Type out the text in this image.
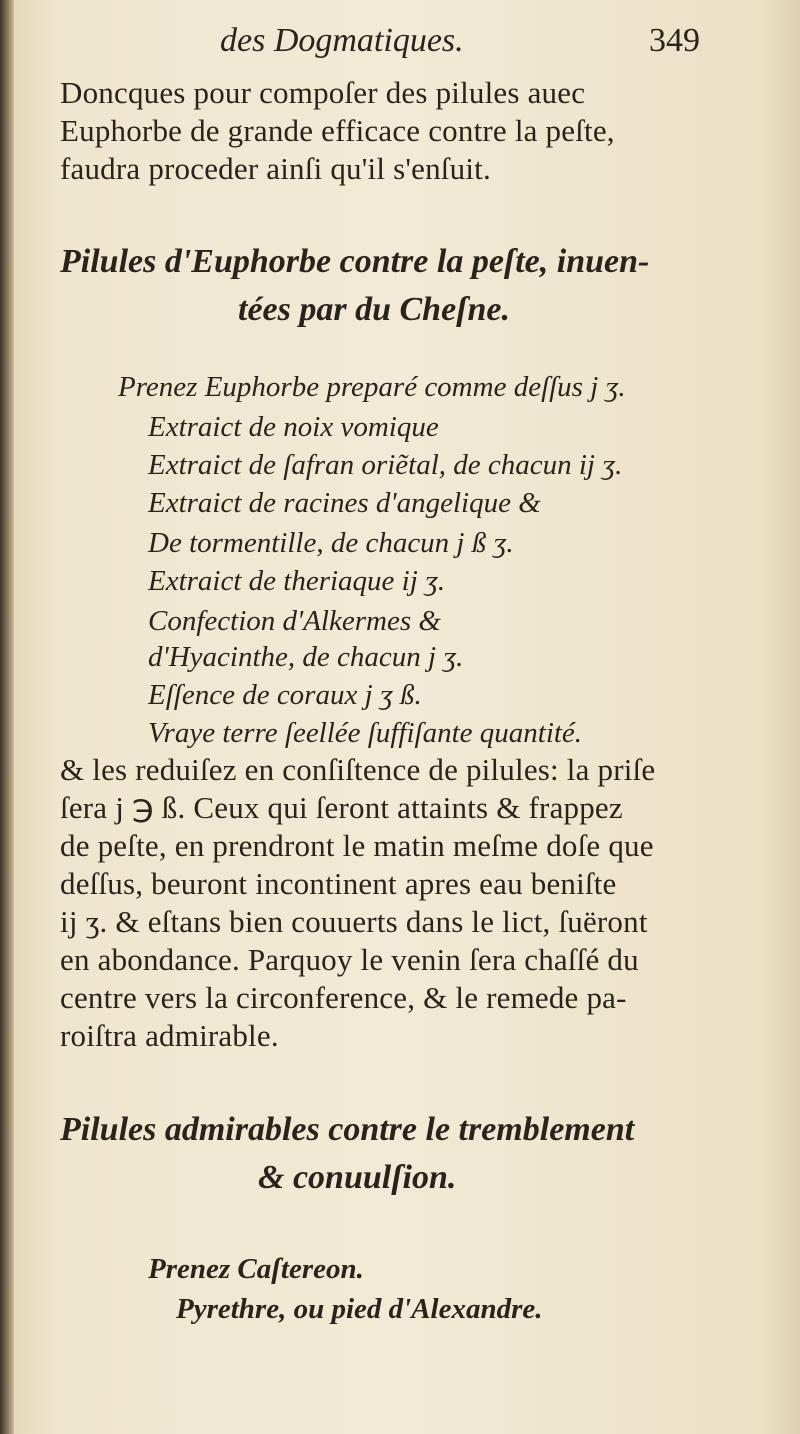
des Dogmatiques.	349
Doncques pour compoſer des pilules auec
Euphorbe de grande efficace contre la peſte,
faudra proceder ainſi qu'il s'enſuit.
Pilules d'Euphorbe contre la peſte, inuen-
tées par du Cheſne.
Prenez Euphorbe preparé comme deſſus j ʒ.
Extraict de noix vomique
Extraict de ſafran oriẽtal, de chacun ij ʒ.
Extraict de racines d'angelique &
De tormentille, de chacun j ß ʒ.
Extraict de theriaque ij ʒ.
Confection d'Alkermes &
d'Hyacinthe, de chacun j ʒ.
Eſſence de coraux j ʒ ß.
Vraye terre ſeellée ſuffiſante quantité.
& les reduiſez en conſiſtence de pilules: la priſe
ſera j ℈ ß. Ceux qui ſeront attaints & frappez
de peſte, en prendront le matin meſme doſe que
deſſus, beuront incontinent apres eau beniſte
ij ʒ. & eſtans bien couuerts dans le lict, ſuëront
en abondance. Parquoy le venin ſera chaſſé du
centre vers la circonference, & le remede pa-
roiſtra admirable.
Pilules admirables contre le tremblement
& conuulſion.
Prenez Caſtereon.
Pyrethre, ou pied d'Alexandre.
